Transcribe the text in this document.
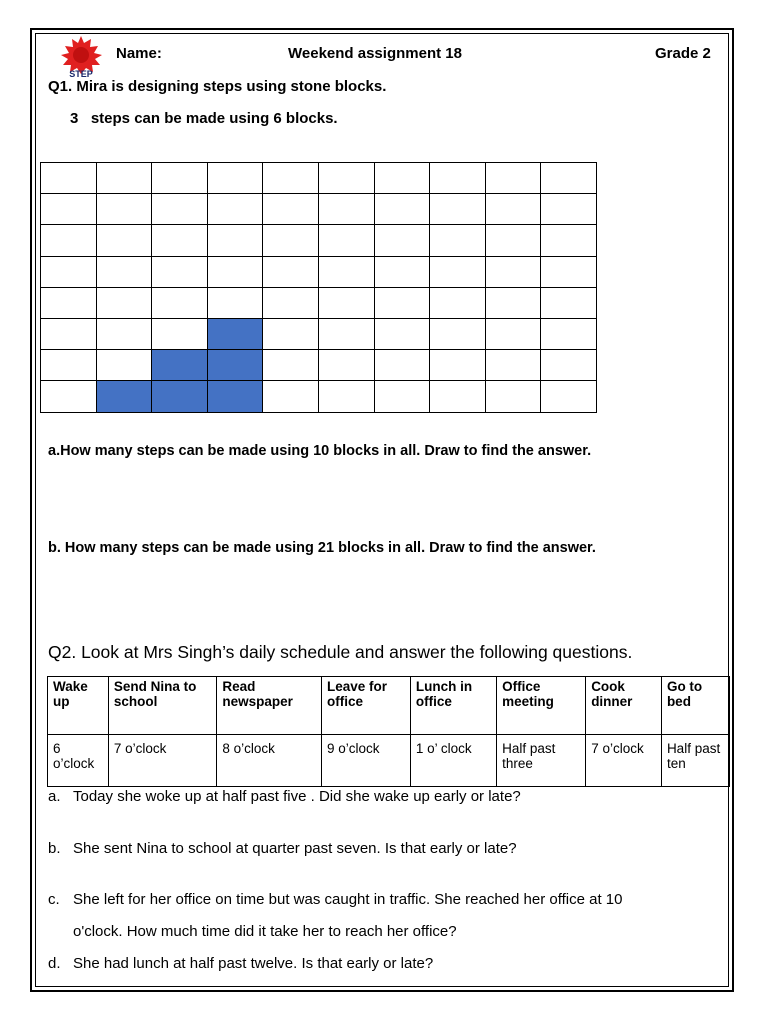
STEP
Name:	Weekend assignment 18	Grade 2
Q1. Mira is designing steps using stone blocks.
3   steps can be made using 6 blocks.

a.How many steps can be made using 10 blocks in all. Draw to find the answer.
b. How many steps can be made using 21 blocks in all. Draw to find the answer.
Q2. Look at Mrs Singh’s daily schedule and answer the following questions.
Wake up	Send Nina to school	Read newspaper	Leave for office	Lunch in office	Office meeting	Cook dinner	Go to bed
6 o’clock	7 o’clock	8 o’clock	9 o’clock	1 o’ clock	Half past three	7 o’clock	Half past ten
a. Today she woke up at half past five . Did she wake up early or late?
b. She sent Nina to school at quarter past seven. Is that early or late?
c. She left for her office on time but was caught in traffic. She reached her office at 10
o'clock. How much time did it take her to reach her office?
d. She had lunch at half past twelve. Is that early or late?
